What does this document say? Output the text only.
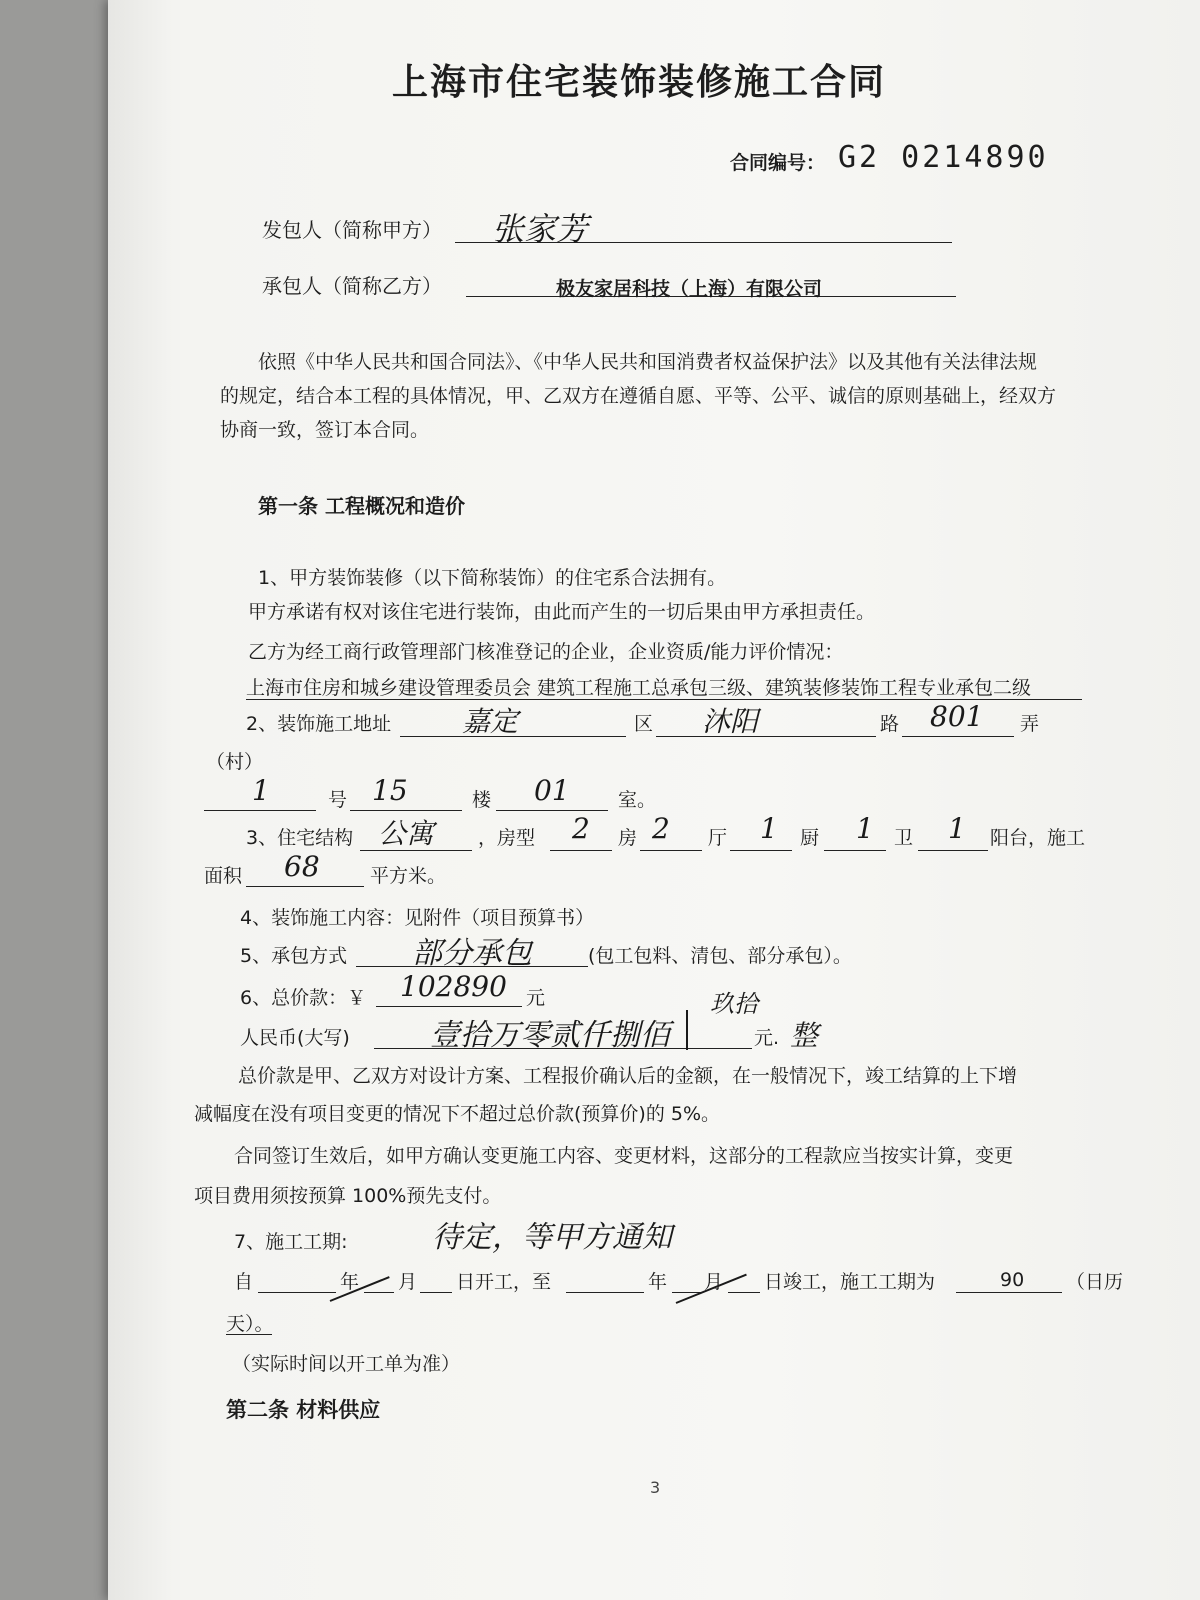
上海市住宅装饰装修施工合同
合同编号： G2 0214890
发包人（简称甲方） 张家芳
承包人（简称乙方）	极友家居科技（上海）有限公司
依照《中华人民共和国合同法》、《中华人民共和国消费者权益保护法》以及其他有关法律法规
的规定，结合本工程的具体情况，甲、乙双方在遵循自愿、平等、公平、诚信的原则基础上，经双方
协商一致，签订本合同。
第一条 工程概况和造价
1、甲方装饰装修（以下简称装饰）的住宅系合法拥有。
甲方承诺有权对该住宅进行装饰，由此而产生的一切后果由甲方承担责任。
乙方为经工商行政管理部门核准登记的企业，企业资质/能力评价情况：
上海市住房和城乡建设管理委员会 建筑工程施工总承包三级、建筑装修装饰工程专业承包二级
2、装饰施工地址	嘉定	区 沐阳	路 801 弄
（村）
1	号 15	楼 01	室。
3、住宅结构 公寓 ，房型 2 房 2 厅 1 厨 1 卫 1 阳台，施工
面积 68	平方米。
4、装饰施工内容：见附件（项目预算书）
5、承包方式 部分承包	(包工包料、清包、部分承包）。
6、总价款：￥ 102890 元
人民币(大写)	壹拾万零贰仟捌佰
玖拾
元. 整
总价款是甲、乙双方对设计方案、工程报价确认后的金额，在一般情况下，竣工结算的上下增
减幅度在没有项目变更的情况下不超过总价款(预算价)的 5%。
合同签订生效后，如甲方确认变更施工内容、变更材料，这部分的工程款应当按实计算，变更
项目费用须按预算 100%预先支付。
7、施工工期:	待定，等甲方通知
自	年 月 日开工，至	年 月 日竣工，施工工期为	90 （日历
天）。
（实际时间以开工单为准）
第二条 材料供应
3
